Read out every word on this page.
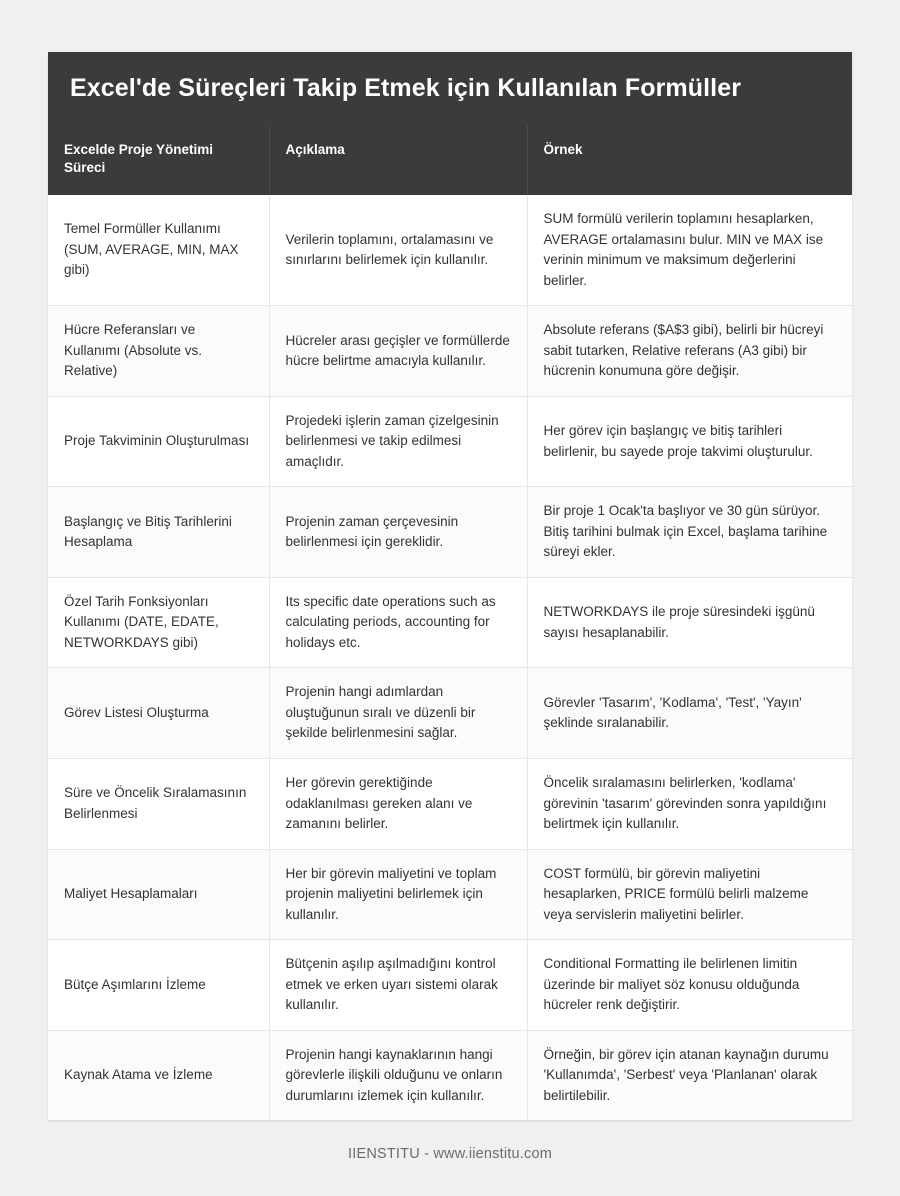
Excel'de Süreçleri Takip Etmek için Kullanılan Formüller
Excelde Proje Yönetimi Süreci	Açıklama	Örnek
Temel Formüller Kullanımı (SUM, AVERAGE, MIN, MAX gibi)	Verilerin toplamını, ortalamasını ve sınırlarını belirlemek için kullanılır.	SUM formülü verilerin toplamını hesaplarken, AVERAGE ortalamasını bulur. MIN ve MAX ise verinin minimum ve maksimum değerlerini belirler.
Hücre Referansları ve Kullanımı (Absolute vs. Relative)	Hücreler arası geçişler ve formüllerde hücre belirtme amacıyla kullanılır.	Absolute referans ($A$3 gibi), belirli bir hücreyi sabit tutarken, Relative referans (A3 gibi) bir hücrenin konumuna göre değişir.
Proje Takviminin Oluşturulması	Projedeki işlerin zaman çizelgesinin belirlenmesi ve takip edilmesi amaçlıdır.	Her görev için başlangıç ve bitiş tarihleri belirlenir, bu sayede proje takvimi oluşturulur.
Başlangıç ve Bitiş Tarihlerini Hesaplama	Projenin zaman çerçevesinin belirlenmesi için gereklidir.	Bir proje 1 Ocak'ta başlıyor ve 30 gün sürüyor. Bitiş tarihini bulmak için Excel, başlama tarihine süreyi ekler.
Özel Tarih Fonksiyonları Kullanımı (DATE, EDATE, NETWORKDAYS gibi)	Its specific date operations such as calculating periods, accounting for holidays etc.	NETWORKDAYS ile proje süresindeki işgünü sayısı hesaplanabilir.
Görev Listesi Oluşturma	Projenin hangi adımlardan oluştuğunun sıralı ve düzenli bir şekilde belirlenmesini sağlar.	Görevler 'Tasarım', 'Kodlama', 'Test', 'Yayın' şeklinde sıralanabilir.
Süre ve Öncelik Sıralamasının Belirlenmesi	Her görevin gerektiğinde odaklanılması gereken alanı ve zamanını belirler.	Öncelik sıralamasını belirlerken, 'kodlama' görevinin 'tasarım' görevinden sonra yapıldığını belirtmek için kullanılır.
Maliyet Hesaplamaları	Her bir görevin maliyetini ve toplam projenin maliyetini belirlemek için kullanılır.	COST formülü, bir görevin maliyetini hesaplarken, PRICE formülü belirli malzeme veya servislerin maliyetini belirler.
Bütçe Aşımlarını İzleme	Bütçenin aşılıp aşılmadığını kontrol etmek ve erken uyarı sistemi olarak kullanılır.	Conditional Formatting ile belirlenen limitin üzerinde bir maliyet söz konusu olduğunda hücreler renk değiştirir.
Kaynak Atama ve İzleme	Projenin hangi kaynaklarının hangi görevlerle ilişkili olduğunu ve onların durumlarını izlemek için kullanılır.	Örneğin, bir görev için atanan kaynağın durumu 'Kullanımda', 'Serbest' veya 'Planlanan' olarak belirtilebilir.
IIENSTITU - www.iienstitu.com
